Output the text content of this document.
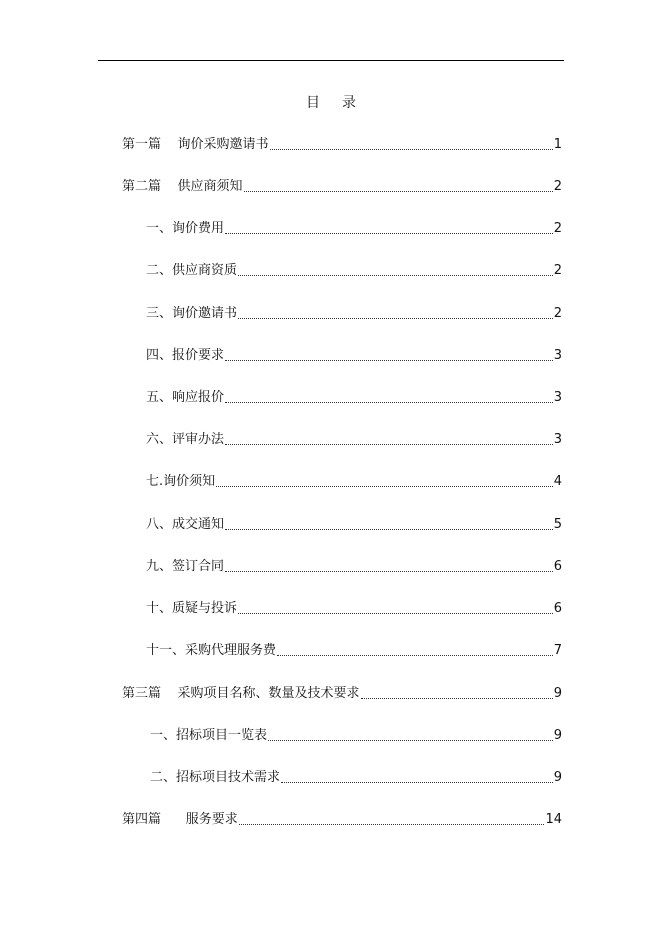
目 录
第一篇    询价采购邀请书	1
第二篇    供应商须知	2
一、询价费用	2
二、供应商资质	2
三、询价邀请书	2
四、报价要求	3
五、响应报价	3
六、评审办法	3
七.询价须知	4
八、成交通知	5
九、签订合同	6
十、质疑与投诉	6
十一、采购代理服务费	7
第三篇    采购项目名称、数量及技术要求	9
一、招标项目一览表	9
二、招标项目技术需求	9
第四篇      服务要求	14
